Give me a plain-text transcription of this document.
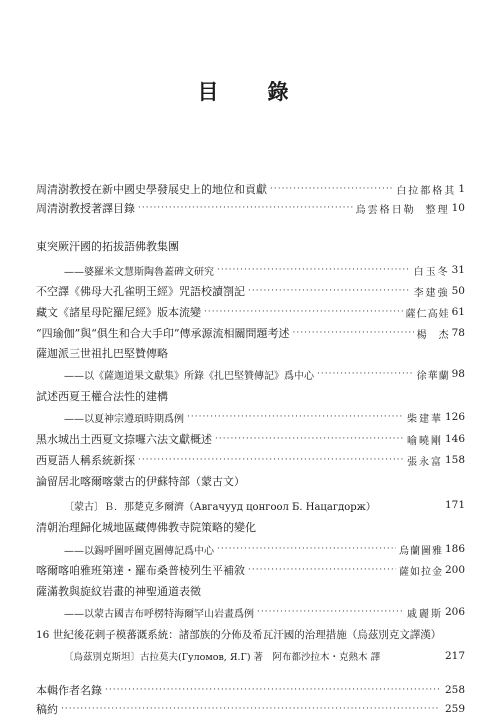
目　錄
周清澍教授在新中國史學發展史上的地位和貢獻 ·····	白拉都格其 1
周清澍教授著譯目錄 ·····	烏雲格日勒 整理 10
東突厥汗國的拓拔語佛教集團
——婆羅米文慧斯陶魯蓋碑文研究 ·····	白玉冬 31
不空譯《佛母大孔雀明王經》咒語校讀劄記 ·····	李建強 50
藏文《諸星母陀羅尼經》版本流變 ·····	薩仁高娃 61
“四瑜伽”與“俱生和合大手印”傳承源流相關問題考述 ·····	楊　杰 78
薩迦派三世祖扎巴堅贊傳略
——以《薩迦道果文獻集》所錄《扎巴堅贊傳記》爲中心 ·····	徐華蘭 98
試述西夏王權合法性的建構
——以夏神宗遵頊時期爲例 ·····	柴建華 126
黑水城出土西夏文捺囉六法文獻概述 ·····	喻曉剛 146
西夏語人稱系統新探 ·····	張永富 158
論留居北喀爾喀蒙古的伊蘇特部（蒙古文）
〔蒙古〕Ｂ．那楚克多爾濟（Авгачууд цонгоол Б. Нацагдорж）	171
清朝治理歸化城地區藏傳佛教寺院策略的變化
——以錫呼圖呼圖克圖傳記爲中心 ·····	烏蘭圖雅 186
喀爾喀咱雅班第達・羅布桑普棱列生平補敘 ·····	薩如拉金 200
薩滿教與旋紋岩畫的神聖通道表徵
——以蒙古國吉布呼楞特海爾罕山岩畫爲例 ·····	戚麗斯 206
16 世紀後花剌子模蕃溉系統：諸部族的分佈及希瓦汗國的治理措施（烏茲別克文譯漢）
〔烏茲別克斯坦〕古拉莫夫(Гуломов, Я.Г) 著　阿布都沙拉木・克熱木 譯	217
本輯作者名錄 ·····	258
稿約 ·····	259
